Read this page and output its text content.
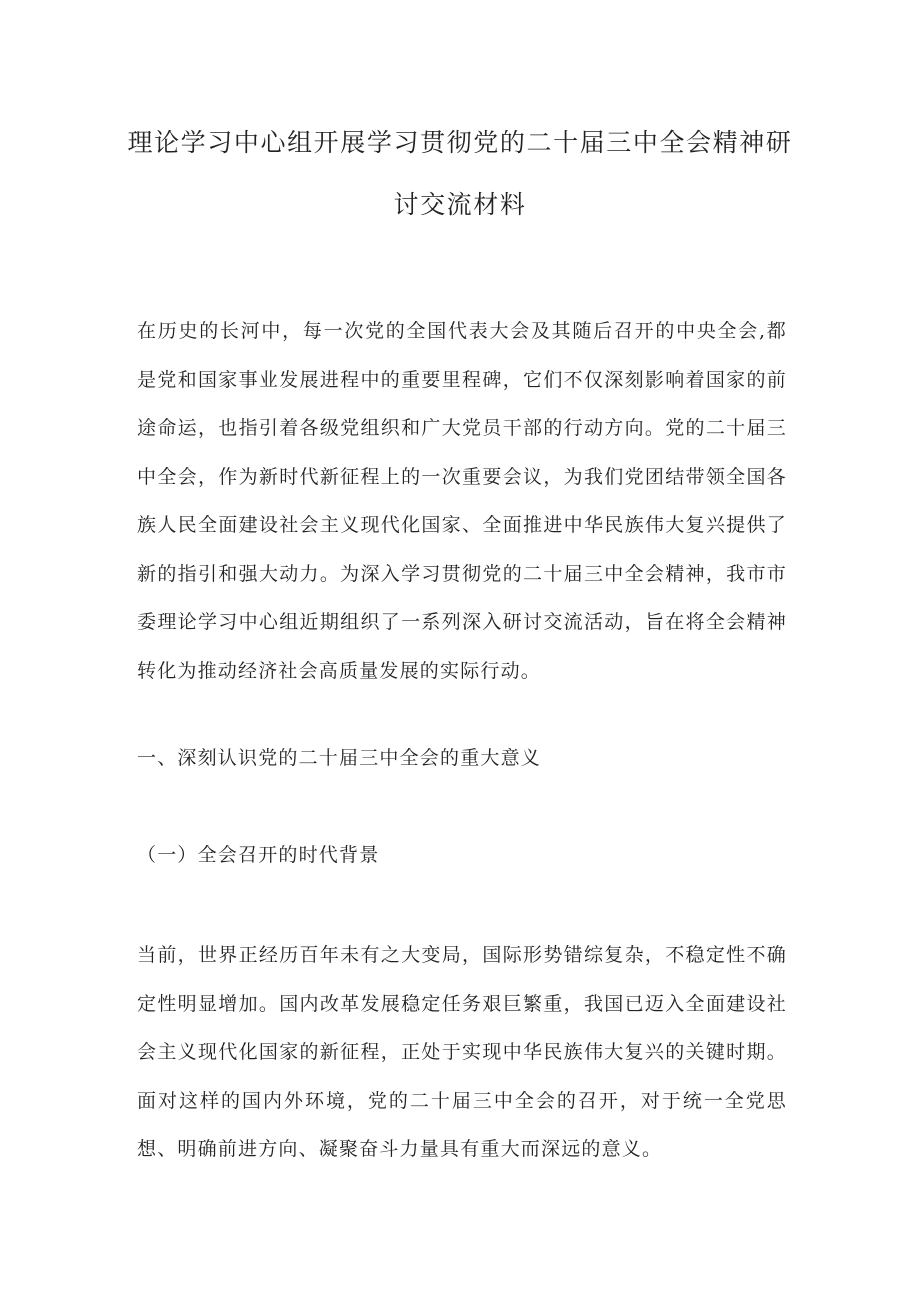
理论学习中心组开展学习贯彻党的二十届三中全会精神研
讨交流材料

在历史的长河中，每一次党的全国代表大会及其随后召开的中央全会,都是党和国家事业发展进程中的重要里程碑，它们不仅深刻影响着国家的前途命运，也指引着各级党组织和广大党员干部的行动方向。党的二十届三中全会，作为新时代新征程上的一次重要会议，为我们党团结带领全国各族人民全面建设社会主义现代化国家、全面推进中华民族伟大复兴提供了新的指引和强大动力。为深入学习贯彻党的二十届三中全会精神，我市市委理论学习中心组近期组织了一系列深入研讨交流活动，旨在将全会精神转化为推动经济社会高质量发展的实际行动。

一、深刻认识党的二十届三中全会的重大意义
（一）全会召开的时代背景

当前，世界正经历百年未有之大变局，国际形势错综复杂，不稳定性不确定性明显增加。国内改革发展稳定任务艰巨繁重，我国已迈入全面建设社会主义现代化国家的新征程，正处于实现中华民族伟大复兴的关键时期。面对这样的国内外环境，党的二十届三中全会的召开，对于统一全党思想、明确前进方向、凝聚奋斗力量具有重大而深远的意义。
